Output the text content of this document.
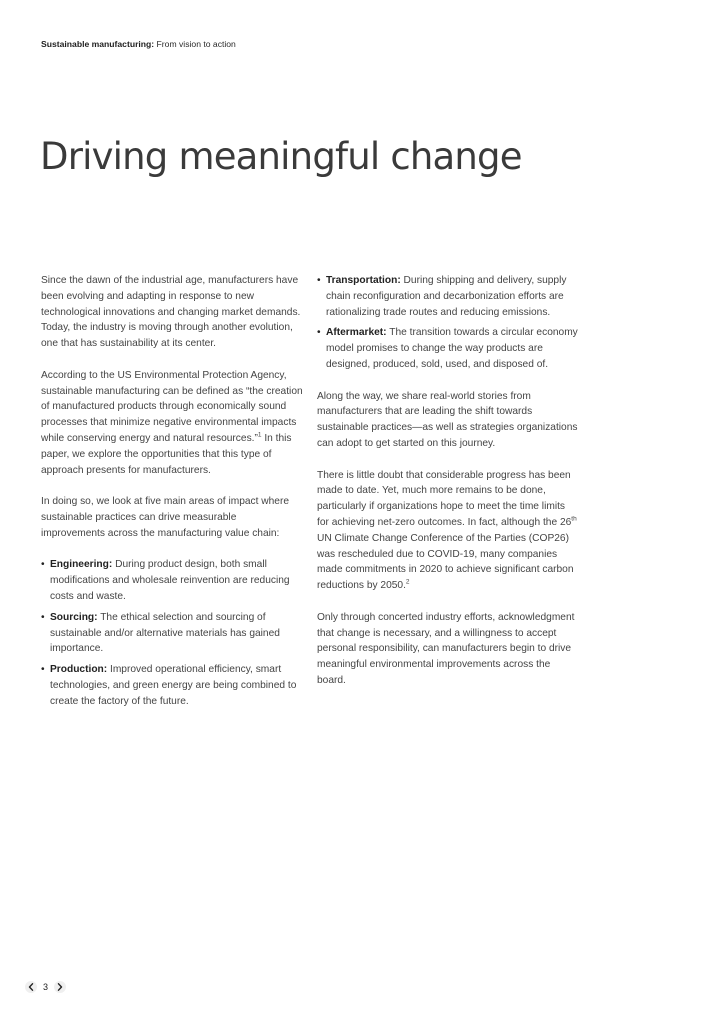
Sustainable manufacturing: From vision to action
Driving meaningful change

Since the dawn of the industrial age, manufacturers have been evolving and adapting in response to new technological innovations and changing market demands. Today, the industry is moving through another evolution, one that has sustainability at its center.

According to the US Environmental Protection Agency, sustainable manufacturing can be defined as “the creation of manufactured products through economically sound processes that minimize negative environmental impacts while conserving energy and natural resources.”$^1$ In this paper, we explore the opportunities that this type of approach presents for manufacturers.

In doing so, we look at five main areas of impact where sustainable practices can drive measurable improvements across the manufacturing value chain:

• Engineering: During product design, both small modifications and wholesale reinvention are reducing costs and waste.
• Sourcing: The ethical selection and sourcing of sustainable and/or alternative materials has gained importance.
• Production: Improved operational efficiency, smart technologies, and green energy are being combined to create the factory of the future.
• Transportation: During shipping and delivery, supply chain reconfiguration and decarbonization efforts are rationalizing trade routes and reducing emissions.
• Aftermarket: The transition towards a circular economy model promises to change the way products are designed, produced, sold, used, and disposed of.

Along the way, we share real-world stories from manufacturers that are leading the shift towards sustainable practices—as well as strategies organizations can adopt to get started on this journey.

There is little doubt that considerable progress has been made to date. Yet, much more remains to be done, particularly if organizations hope to meet the time limits for achieving net-zero outcomes. In fact, although the 26th UN Climate Change Conference of the Parties (COP26) was rescheduled due to COVID-19, many companies made commitments in 2020 to achieve significant carbon reductions by 2050.$^2$

Only through concerted industry efforts, acknowledgment that change is necessary, and a willingness to accept personal responsibility, can manufacturers begin to drive meaningful environmental improvements across the board.

3
